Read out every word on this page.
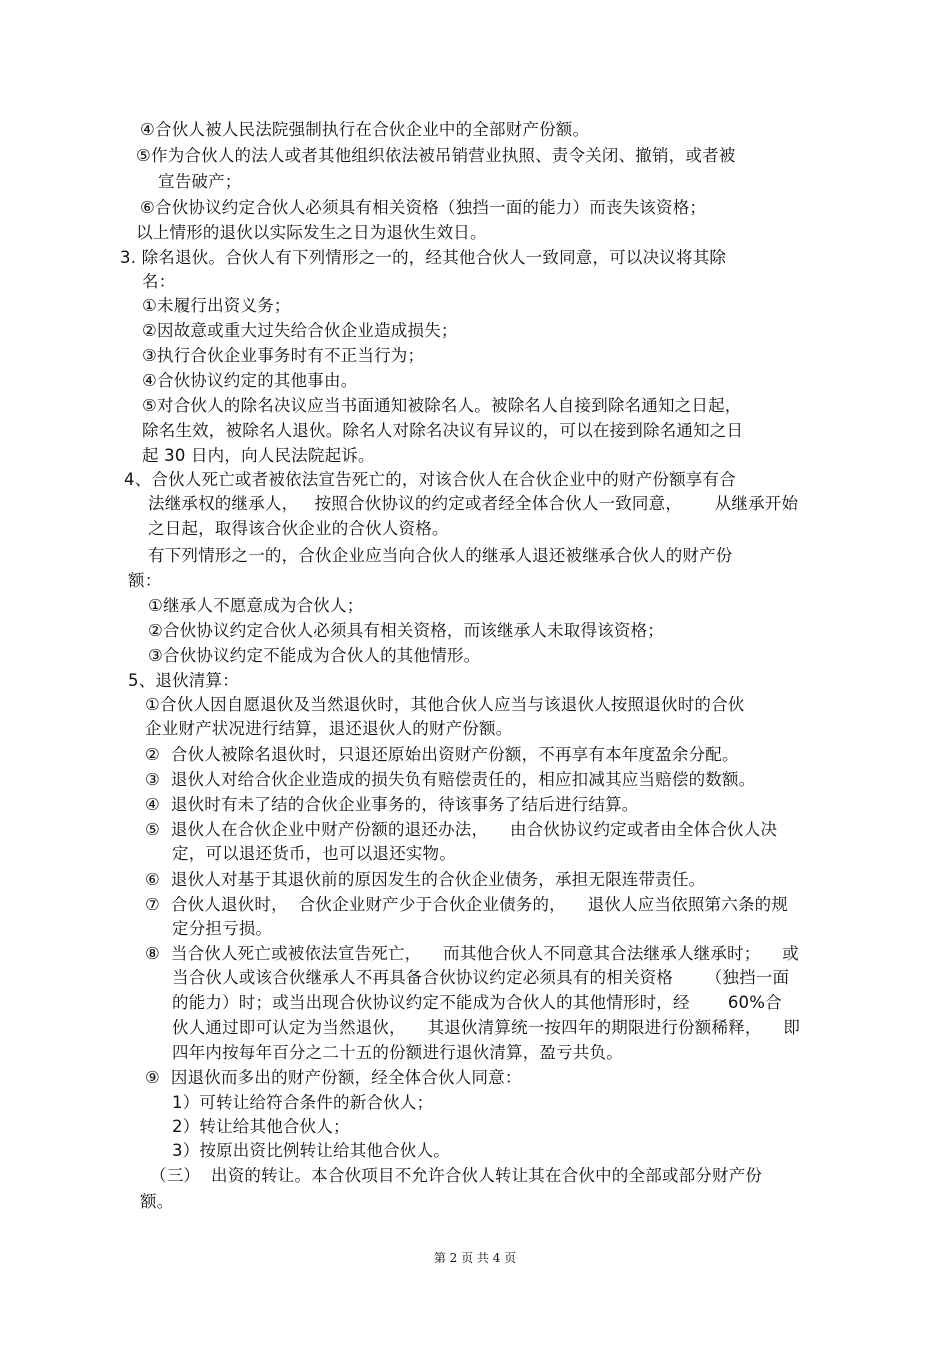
④合伙人被人民法院强制执行在合伙企业中的全部财产份额。
⑤作为合伙人的法人或者其他组织依法被吊销营业执照、责令关闭、撤销，或者被
宣告破产；
⑥合伙协议约定合伙人必须具有相关资格（独挡一面的能力）而丧失该资格；
以上情形的退伙以实际发生之日为退伙生效日。
3. 除名退伙。合伙人有下列情形之一的，经其他合伙人一致同意，可以决议将其除
名：
①未履行出资义务；
②因故意或重大过失给合伙企业造成损失；
③执行合伙企业事务时有不正当行为；
④合伙协议约定的其他事由。
⑤对合伙人的除名决议应当书面通知被除名人。被除名人自接到除名通知之日起，
除名生效，被除名人退伙。除名人对除名决议有异议的，可以在接到除名通知之日
起 30 日内，向人民法院起诉。
4、合伙人死亡或者被依法宣告死亡的，对该合伙人在合伙企业中的财产份额享有合
法继承权的继承人，   按照合伙协议的约定或者经全体合伙人一致同意，      从继承开始
之日起，取得该合伙企业的合伙人资格。
有下列情形之一的，合伙企业应当向合伙人的继承人退还被继承合伙人的财产份
额：
①继承人不愿意成为合伙人；
②合伙协议约定合伙人必须具有相关资格，而该继承人未取得该资格；
③合伙协议约定不能成为合伙人的其他情形。
5、退伙清算：
①合伙人因自愿退伙及当然退伙时，其他合伙人应当与该退伙人按照退伙时的合伙
企业财产状况进行结算，退还退伙人的财产份额。
②  合伙人被除名退伙时，只退还原始出资财产份额，不再享有本年度盈余分配。
③  退伙人对给合伙企业造成的损失负有赔偿责任的，相应扣减其应当赔偿的数额。
④  退伙时有未了结的合伙企业事务的，待该事务了结后进行结算。
⑤  退伙人在合伙企业中财产份额的退还办法，    由合伙协议约定或者由全体合伙人决
定，可以退还货币，也可以退还实物。
⑥  退伙人对基于其退伙前的原因发生的合伙企业债务，承担无限连带责任。
⑦  合伙人退伙时，  合伙企业财产少于合伙企业债务的，    退伙人应当依照第六条的规
定分担亏损。
⑧  当合伙人死亡或被依法宣告死亡，    而其他合伙人不同意其合法继承人继承时；    或
当合伙人或该合伙继承人不再具备合伙协议约定必须具有的相关资格      （独挡一面
的能力）时；或当出现合伙协议约定不能成为合伙人的其他情形时，经       60%合
伙人通过即可认定为当然退伙，    其退伙清算统一按四年的期限进行份额稀释，    即
四年内按每年百分之二十五的份额进行退伙清算，盈亏共负。
⑨  因退伙而多出的财产份额，经全体合伙人同意：
1）可转让给符合条件的新合伙人；
2）转让给其他合伙人；
3）按原出资比例转让给其他合伙人。
（三）  出资的转让。本合伙项目不允许合伙人转让其在合伙中的全部或部分财产份
额。
第 2 页 共 4 页
